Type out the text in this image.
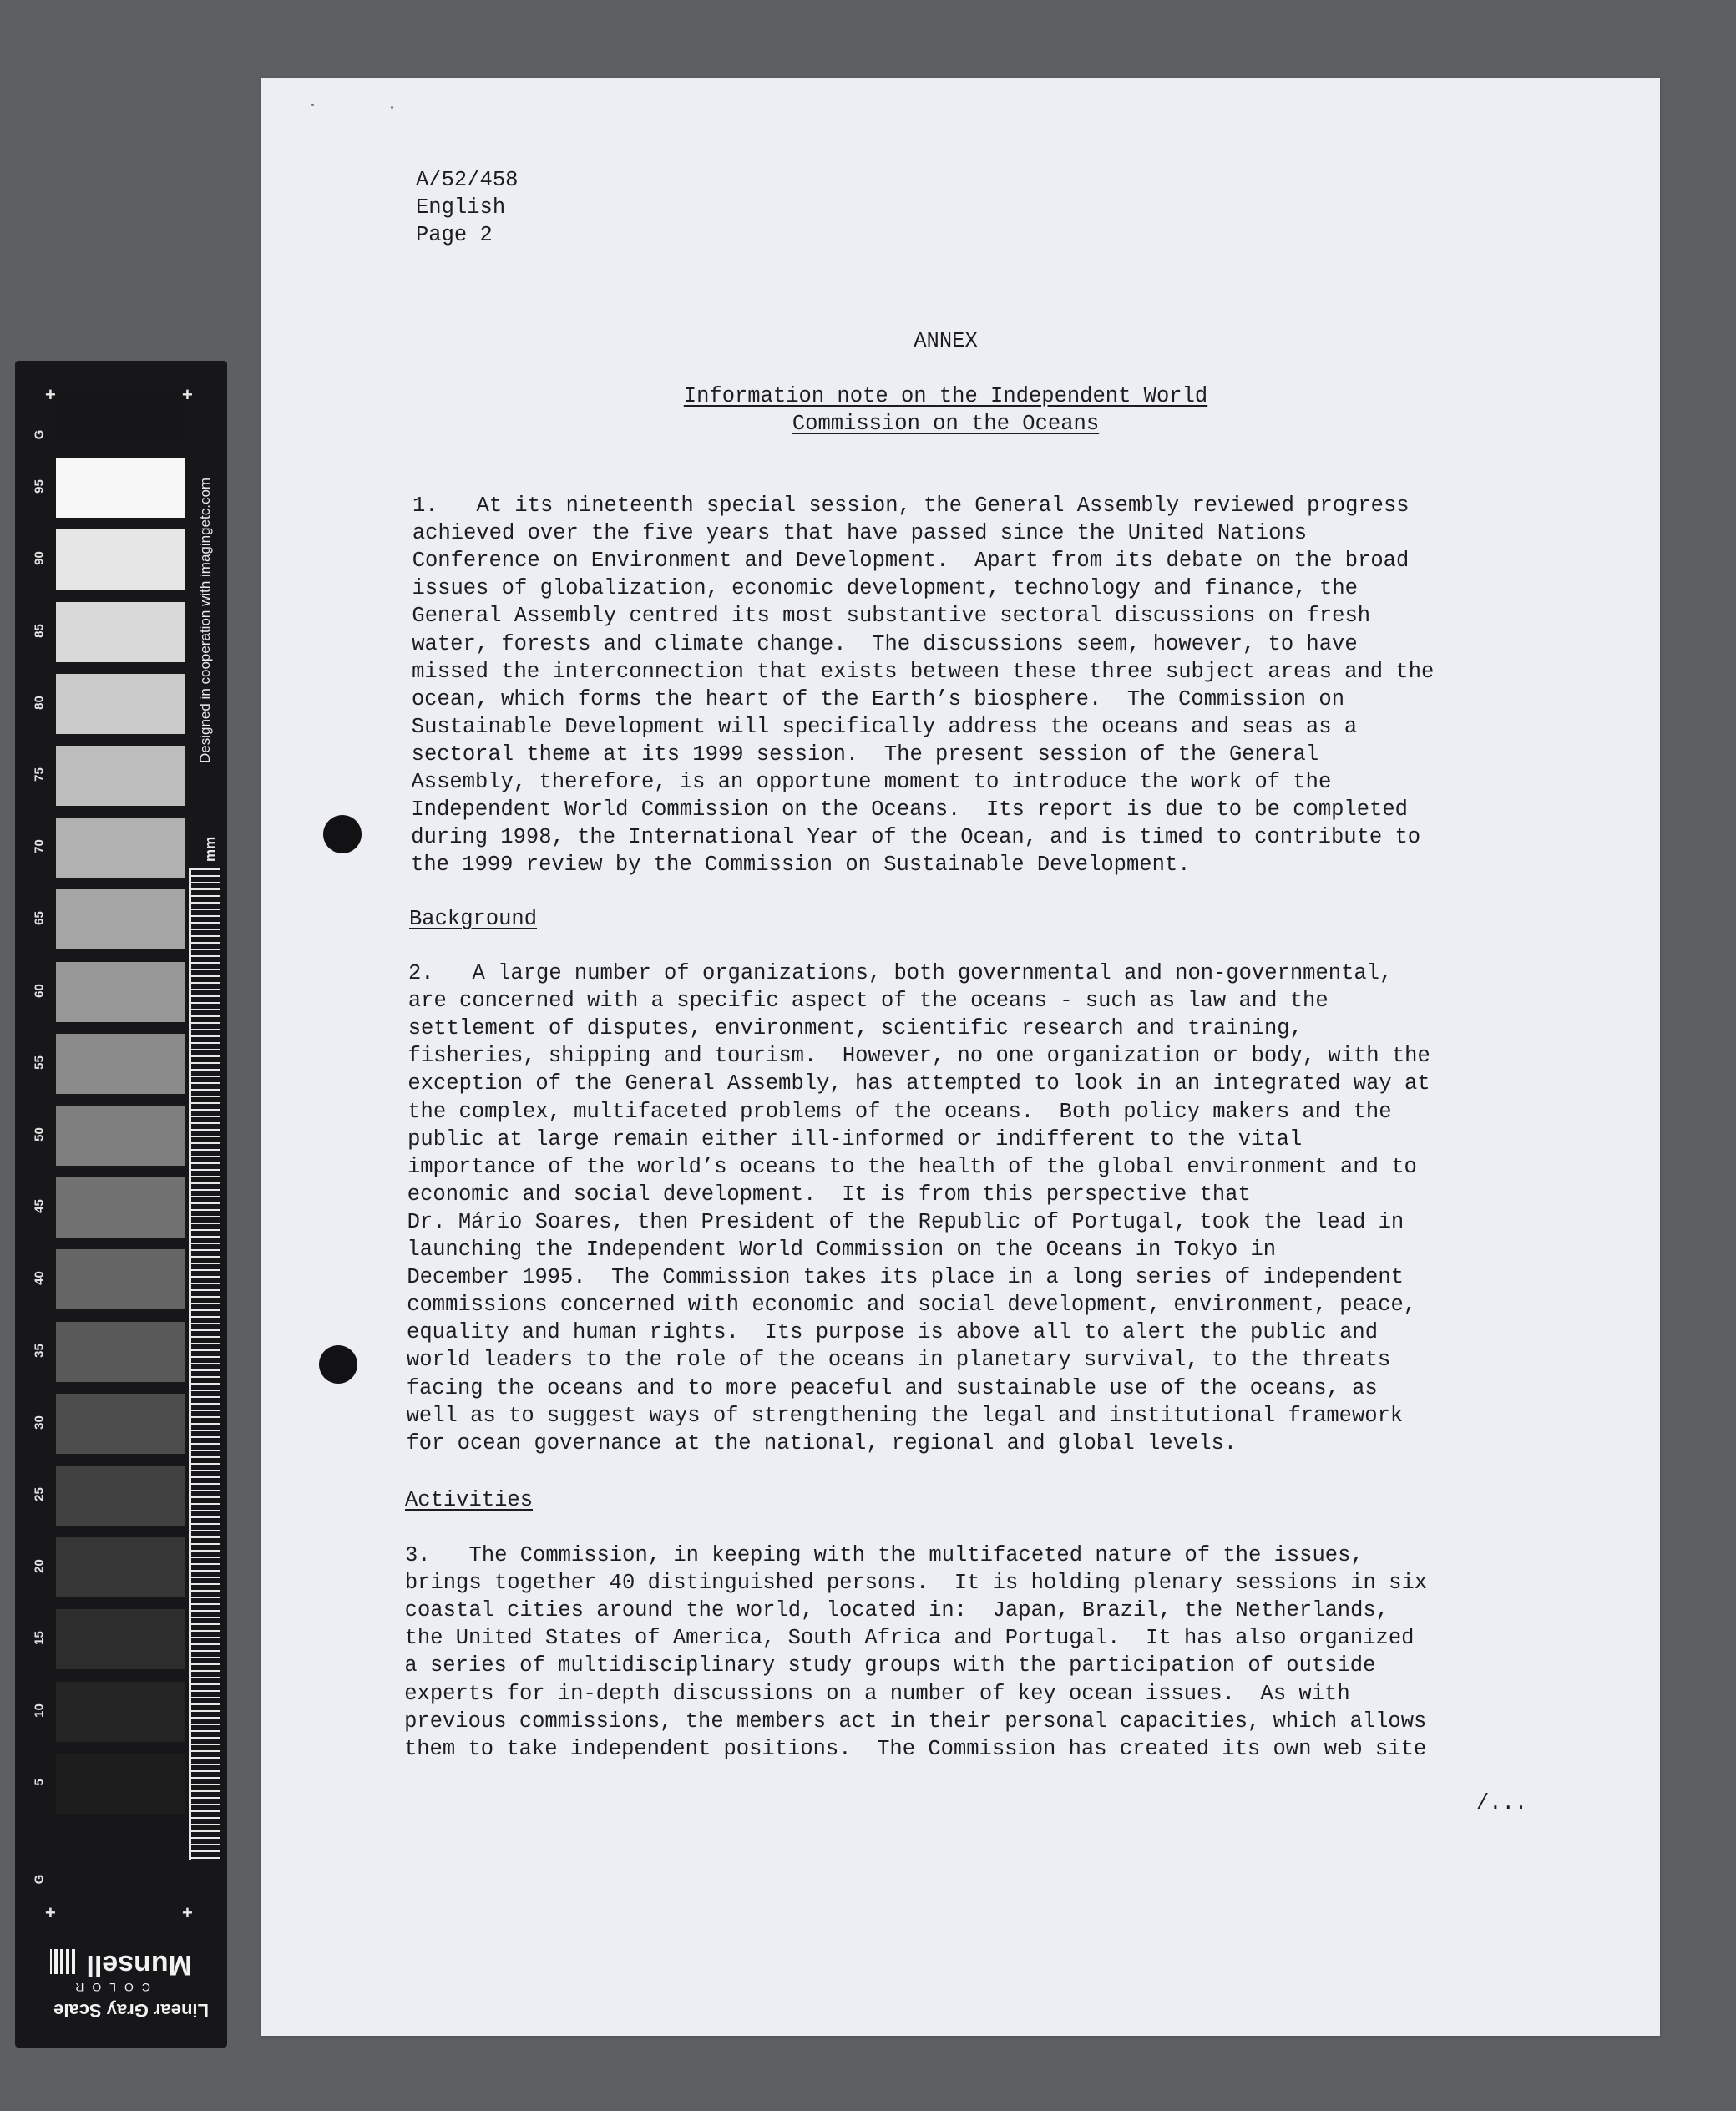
95
90
85
80
75
70
65
60
55
50
45
40
35
30
25
20
15
10
5
+	+
+	+
G
G
Designed in cooperation with imagingetc.com
mm
Linear Gray Scale
COLOR
Munsell
A/52/458
English
Page 2
ANNEX
Information note on the Independent World
Commission on the Oceans
1.   At its nineteenth special session, the General Assembly reviewed progress
achieved over the five years that have passed since the United Nations
Conference on Environment and Development.  Apart from its debate on the broad
issues of globalization, economic development, technology and finance, the
General Assembly centred its most substantive sectoral discussions on fresh
water, forests and climate change.  The discussions seem, however, to have
missed the interconnection that exists between these three subject areas and the
ocean, which forms the heart of the Earth’s biosphere.  The Commission on
Sustainable Development will specifically address the oceans and seas as a
sectoral theme at its 1999 session.  The present session of the General
Assembly, therefore, is an opportune moment to introduce the work of the
Independent World Commission on the Oceans.  Its report is due to be completed
during 1998, the International Year of the Ocean, and is timed to contribute to
the 1999 review by the Commission on Sustainable Development.
Background
2.   A large number of organizations, both governmental and non-governmental,
are concerned with a specific aspect of the oceans - such as law and the
settlement of disputes, environment, scientific research and training,
fisheries, shipping and tourism.  However, no one organization or body, with the
exception of the General Assembly, has attempted to look in an integrated way at
the complex, multifaceted problems of the oceans.  Both policy makers and the
public at large remain either ill-informed or indifferent to the vital
importance of the world’s oceans to the health of the global environment and to
economic and social development.  It is from this perspective that
Dr. Mário Soares, then President of the Republic of Portugal, took the lead in
launching the Independent World Commission on the Oceans in Tokyo in
December 1995.  The Commission takes its place in a long series of independent
commissions concerned with economic and social development, environment, peace,
equality and human rights.  Its purpose is above all to alert the public and
world leaders to the role of the oceans in planetary survival, to the threats
facing the oceans and to more peaceful and sustainable use of the oceans, as
well as to suggest ways of strengthening the legal and institutional framework
for ocean governance at the national, regional and global levels.
Activities
3.   The Commission, in keeping with the multifaceted nature of the issues,
brings together 40 distinguished persons.  It is holding plenary sessions in six
coastal cities around the world, located in:  Japan, Brazil, the Netherlands,
the United States of America, South Africa and Portugal.  It has also organized
a series of multidisciplinary study groups with the participation of outside
experts for in-depth discussions on a number of key ocean issues.  As with
previous commissions, the members act in their personal capacities, which allows
them to take independent positions.  The Commission has created its own web site
/...
